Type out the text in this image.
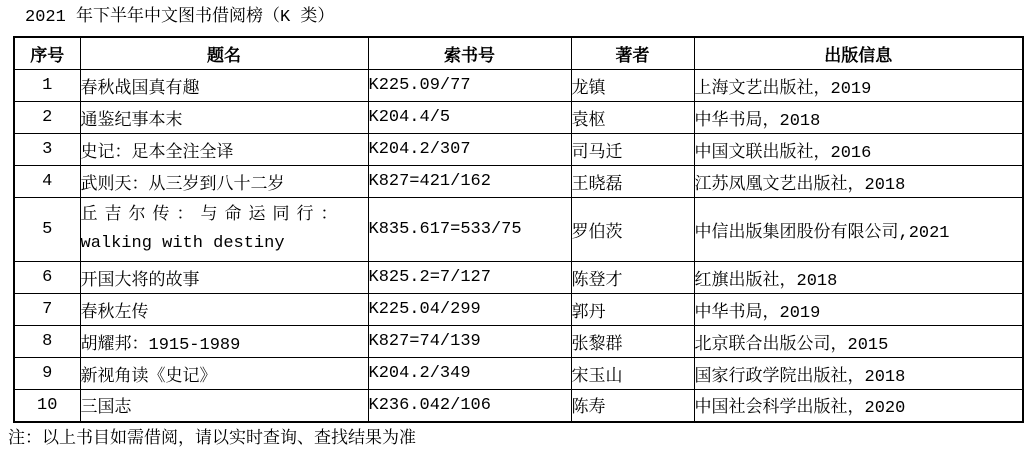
2021 年下半年中文图书借阅榜（K 类）
序号	题名	索书号	著者	出版信息
1	春秋战国真有趣	K225.09/77	龙镇	上海文艺出版社，2019
2	通鉴纪事本末	K204.4/5	袁枢	中华书局，2018
3	史记：足本全注全译	K204.2/307	司马迁	中国文联出版社，2016
4	武则天：从三岁到八十二岁	K827=421/162	王晓磊	江苏凤凰文艺出版社，2018
5	丘吉尔传：与命运同行：
walking with destiny	K835.617=533/75	罗伯茨	中信出版集团股份有限公司,2021
6	开国大将的故事	K825.2=7/127	陈登才	红旗出版社，2018
7	春秋左传	K225.04/299	郭丹	中华书局，2019
8	胡耀邦：1915-1989	K827=74/139	张黎群	北京联合出版公司，2015
9	新视角读《史记》	K204.2/349	宋玉山	国家行政学院出版社，2018
10	三国志	K236.042/106	陈寿	中国社会科学出版社，2020
注：以上书目如需借阅，请以实时查询、查找结果为准
